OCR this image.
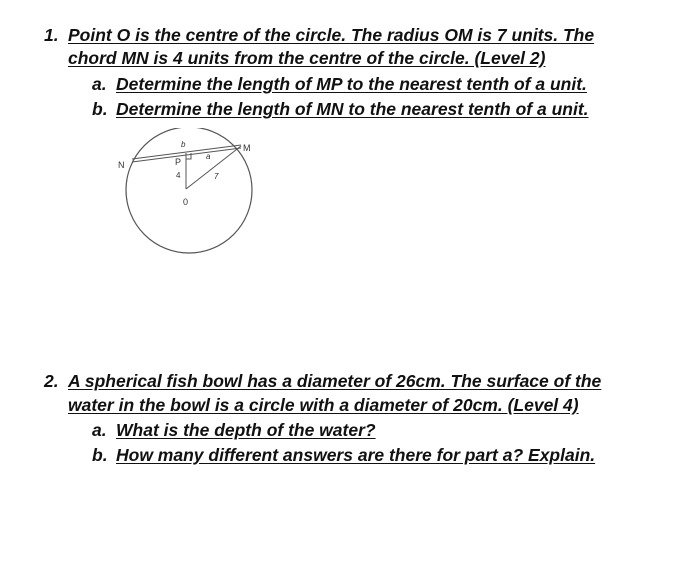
1. Point O is the centre of the circle. The radius OM is 7 units. The
chord MN is 4 units from the centre of the circle. (Level 2)
a. Determine the length of MP to the nearest tenth of a unit.
b. Determine the length of MN to the nearest tenth of a unit.
N
M
P
b
a
4	7
0
2. A spherical fish bowl has a diameter of 26cm. The surface of the
water in the bowl is a circle with a diameter of 20cm. (Level 4)
a. What is the depth of the water?
b. How many different answers are there for part a? Explain.
